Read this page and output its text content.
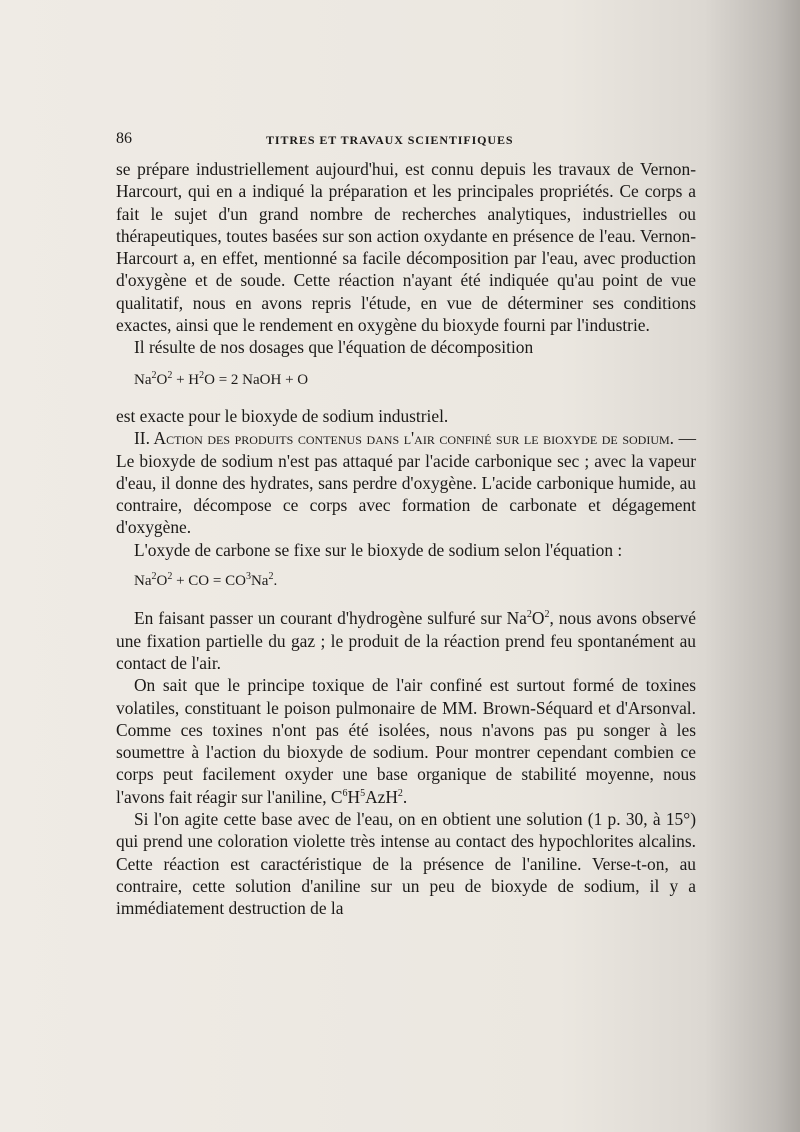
86	TITRES ET TRAVAUX SCIENTIFIQUES

se prépare industriellement aujourd'hui, est connu depuis les travaux de Vernon-Harcourt, qui en a indiqué la préparation et les principales propriétés. Ce corps a fait le sujet d'un grand nombre de recherches analytiques, industrielles ou thérapeutiques, toutes basées sur son action oxydante en présence de l'eau. Vernon-Harcourt a, en effet, mentionné sa facile décomposition par l'eau, avec production d'oxygène et de soude. Cette réaction n'ayant été indiquée qu'au point de vue qualitatif, nous en avons repris l'étude, en vue de déterminer ses conditions exactes, ainsi que le rendement en oxygène du bioxyde fourni par l'industrie.

Il résulte de nos dosages que l'équation de décomposition

$Na^2O^2 + H^2O = 2$ NaOH + O

est exacte pour le bioxyde de sodium industriel.

II. Action des produits contenus dans l'air confiné sur le bioxyde de sodium. — Le bioxyde de sodium n'est pas attaqué par l'acide carbonique sec ; avec la vapeur d'eau, il donne des hydrates, sans perdre d'oxygène. L'acide carbonique humide, au contraire, décompose ce corps avec formation de carbonate et dégagement d'oxygène.

L'oxyde de carbone se fixe sur le bioxyde de sodium selon l'équation :

$Na^2O^2$ + CO = $CO^3Na^2$.

En faisant passer un courant d'hydrogène sulfuré sur $Na^2O^2$, nous avons observé une fixation partielle du gaz ; le produit de la réaction prend feu spontanément au contact de l'air.

On sait que le principe toxique de l'air confiné est surtout formé de toxines volatiles, constituant le poison pulmonaire de MM. Brown-Séquard et d'Arsonval. Comme ces toxines n'ont pas été isolées, nous n'avons pas pu songer à les soumettre à l'action du bioxyde de sodium. Pour montrer cependant combien ce corps peut facilement oxyder une base organique de stabilité moyenne, nous l'avons fait réagir sur l'aniline, $C^6H^5AzH^2$.

Si l'on agite cette base avec de l'eau, on en obtient une solution (1 p. 30, à 15°) qui prend une coloration violette très intense au contact des hypochlorites alcalins. Cette réaction est caractéristique de la présence de l'aniline. Verse-t-on, au contraire, cette solution d'aniline sur un peu de bioxyde de sodium, il y a immédiatement destruction de la
